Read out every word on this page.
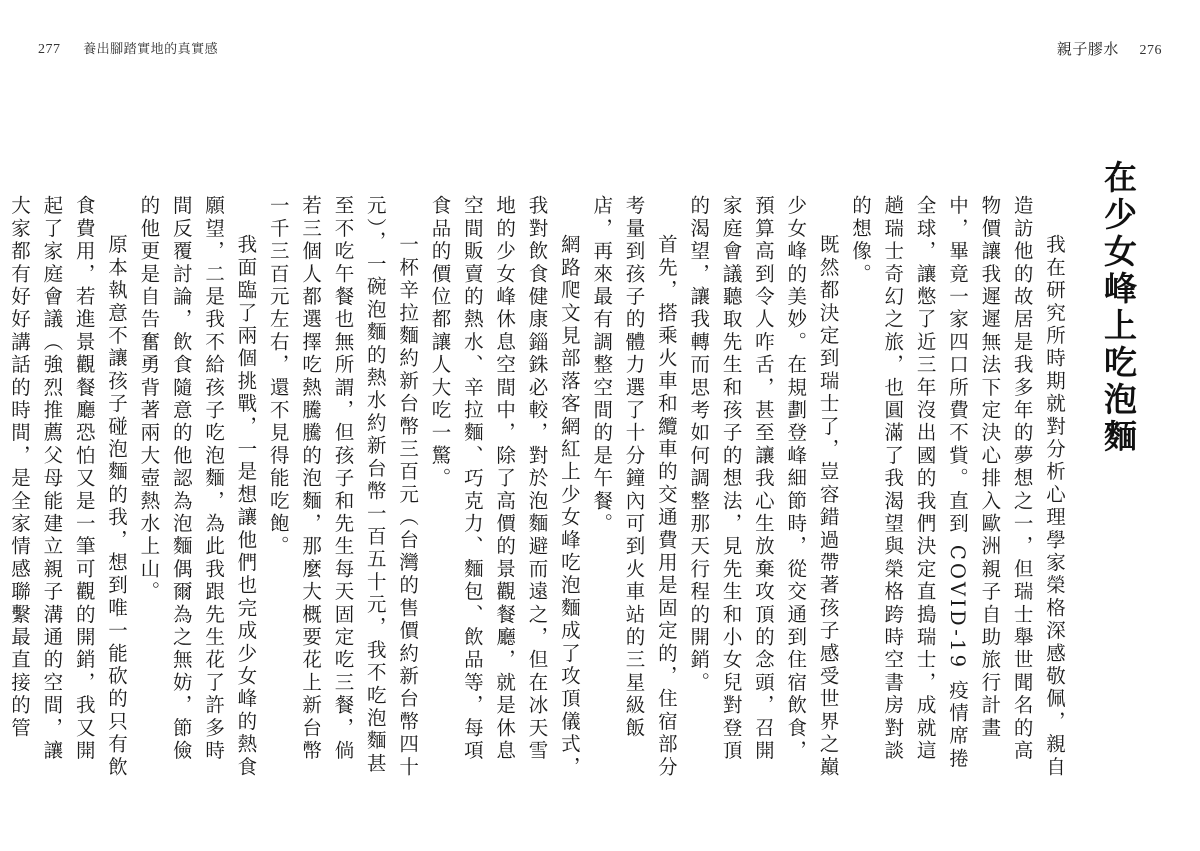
277 養出腳踏實地的真實感	親子膠水 276
在少女峰上吃泡麵

我在研究所時期就對分析心理學家榮格深感敬佩，親自造訪他的故居是我多年的夢想之一，但瑞士舉世聞名的高物價讓我遲遲無法下定決心排入歐洲親子自助旅行計畫中，畢竟一家四口所費不貲。直到 COVID-19 疫情席捲全球，讓憋了近三年沒出國的我們決定直搗瑞士，成就這趟瑞士奇幻之旅，也圓滿了我渴望與榮格跨時空書房對談的想像。

既然都決定到瑞士了，豈容錯過帶著孩子感受世界之巔少女峰的美妙。在規劃登峰細節時，從交通到住宿飲食，預算高到令人咋舌，甚至讓我心生放棄攻頂的念頭，召開家庭會議聽取先生和孩子的想法，見先生和小女兒對登頂的渴望，讓我轉而思考如何調整那天行程的開銷。

首先，搭乘火車和纜車的交通費用是固定的，住宿部分考量到孩子的體力選了十分鐘內可到火車站的三星級飯店，再來最有調整空間的是午餐。

網路爬文見部落客網紅上少女峰吃泡麵成了攻頂儀式，我對飲食健康錙銖必較，對於泡麵避而遠之，但在冰天雪地的少女峰休息空間中，除了高價的景觀餐廳，就是休息空間販賣的熱水、辛拉麵、巧克力、麵包、飲品等，每項食品的價位都讓人大吃一驚。

一杯辛拉麵約新台幣三百元（台灣的售價約新台幣四十元），一碗泡麵的熱水約新台幣一百五十元，我不吃泡麵甚至不吃午餐也無所謂，但孩子和先生每天固定吃三餐，倘若三個人都選擇吃熱騰騰的泡麵，那麼大概要花上新台幣一千三百元左右，還不見得能吃飽。

我面臨了兩個挑戰，一是想讓他們也完成少女峰的熱食願望，二是我不給孩子吃泡麵，為此我跟先生花了許多時間反覆討論，飲食隨意的他認為泡麵偶爾為之無妨，節儉的他更是自告奮勇背著兩大壺熱水上山。

原本執意不讓孩子碰泡麵的我，想到唯一能砍的只有飲食費用，若進景觀餐廳恐怕又是一筆可觀的開銷，我又開起了家庭會議（強烈推薦父母能建立親子溝通的空間，讓大家都有好好講話的時間，是全家情感聯繫最直接的管
